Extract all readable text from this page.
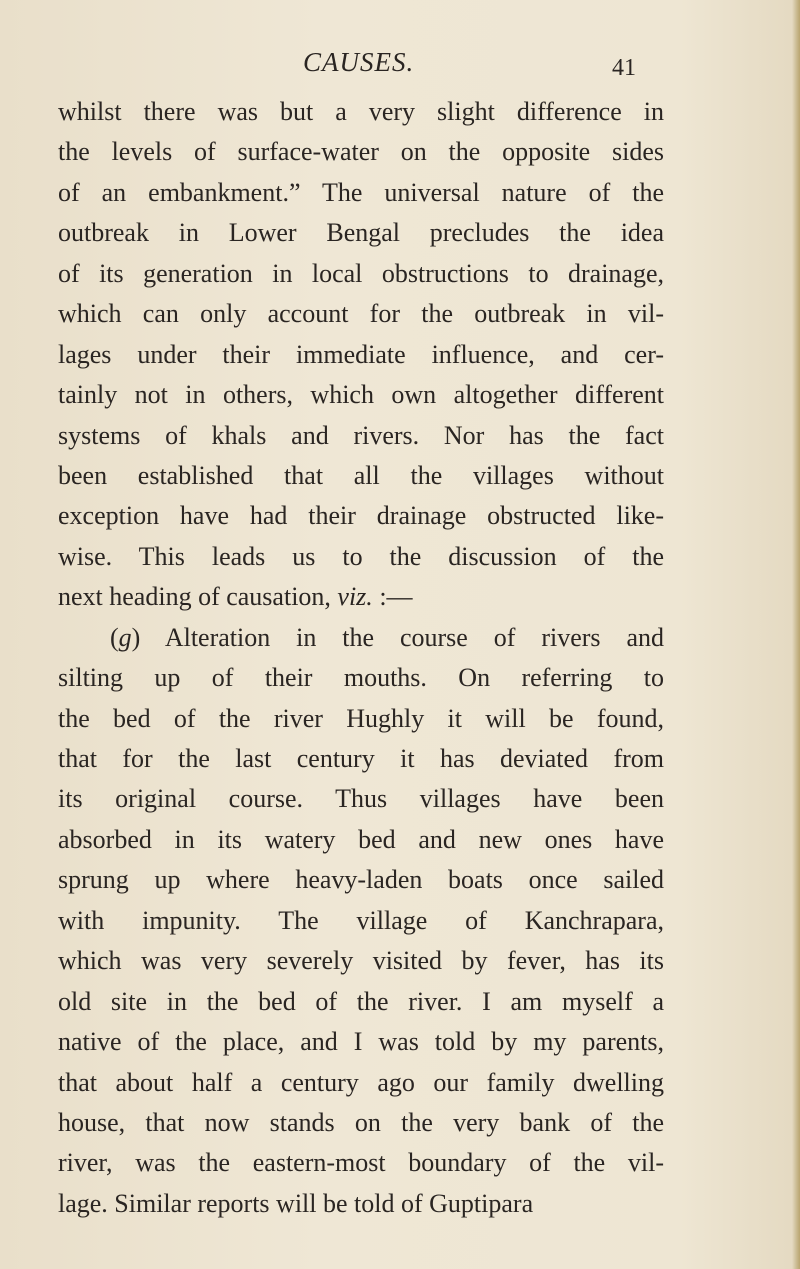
CAUSES.	41
whilst there was but a very slight difference in
the levels of surface-water on the opposite sides
of an embankment.” The universal nature of the
outbreak in Lower Bengal precludes the idea
of its generation in local obstructions to drainage,
which can only account for the outbreak in vil-
lages under their immediate influence, and cer-
tainly not in others, which own altogether different
systems of khals and rivers. Nor has the fact
been established that all the villages without
exception have had their drainage obstructed like-
wise. This leads us to the discussion of the
next heading of causation, viz. :—
(g) Alteration in the course of rivers and
silting up of their mouths. On referring to
the bed of the river Hughly it will be found,
that for the last century it has deviated from
its original course. Thus villages have been
absorbed in its watery bed and new ones have
sprung up where heavy-laden boats once sailed
with impunity. The village of Kanchrapara,
which was very severely visited by fever, has its
old site in the bed of the river. I am myself a
native of the place, and I was told by my parents,
that about half a century ago our family dwelling
house, that now stands on the very bank of the
river, was the eastern-most boundary of the vil-
lage. Similar reports will be told of Guptipara
